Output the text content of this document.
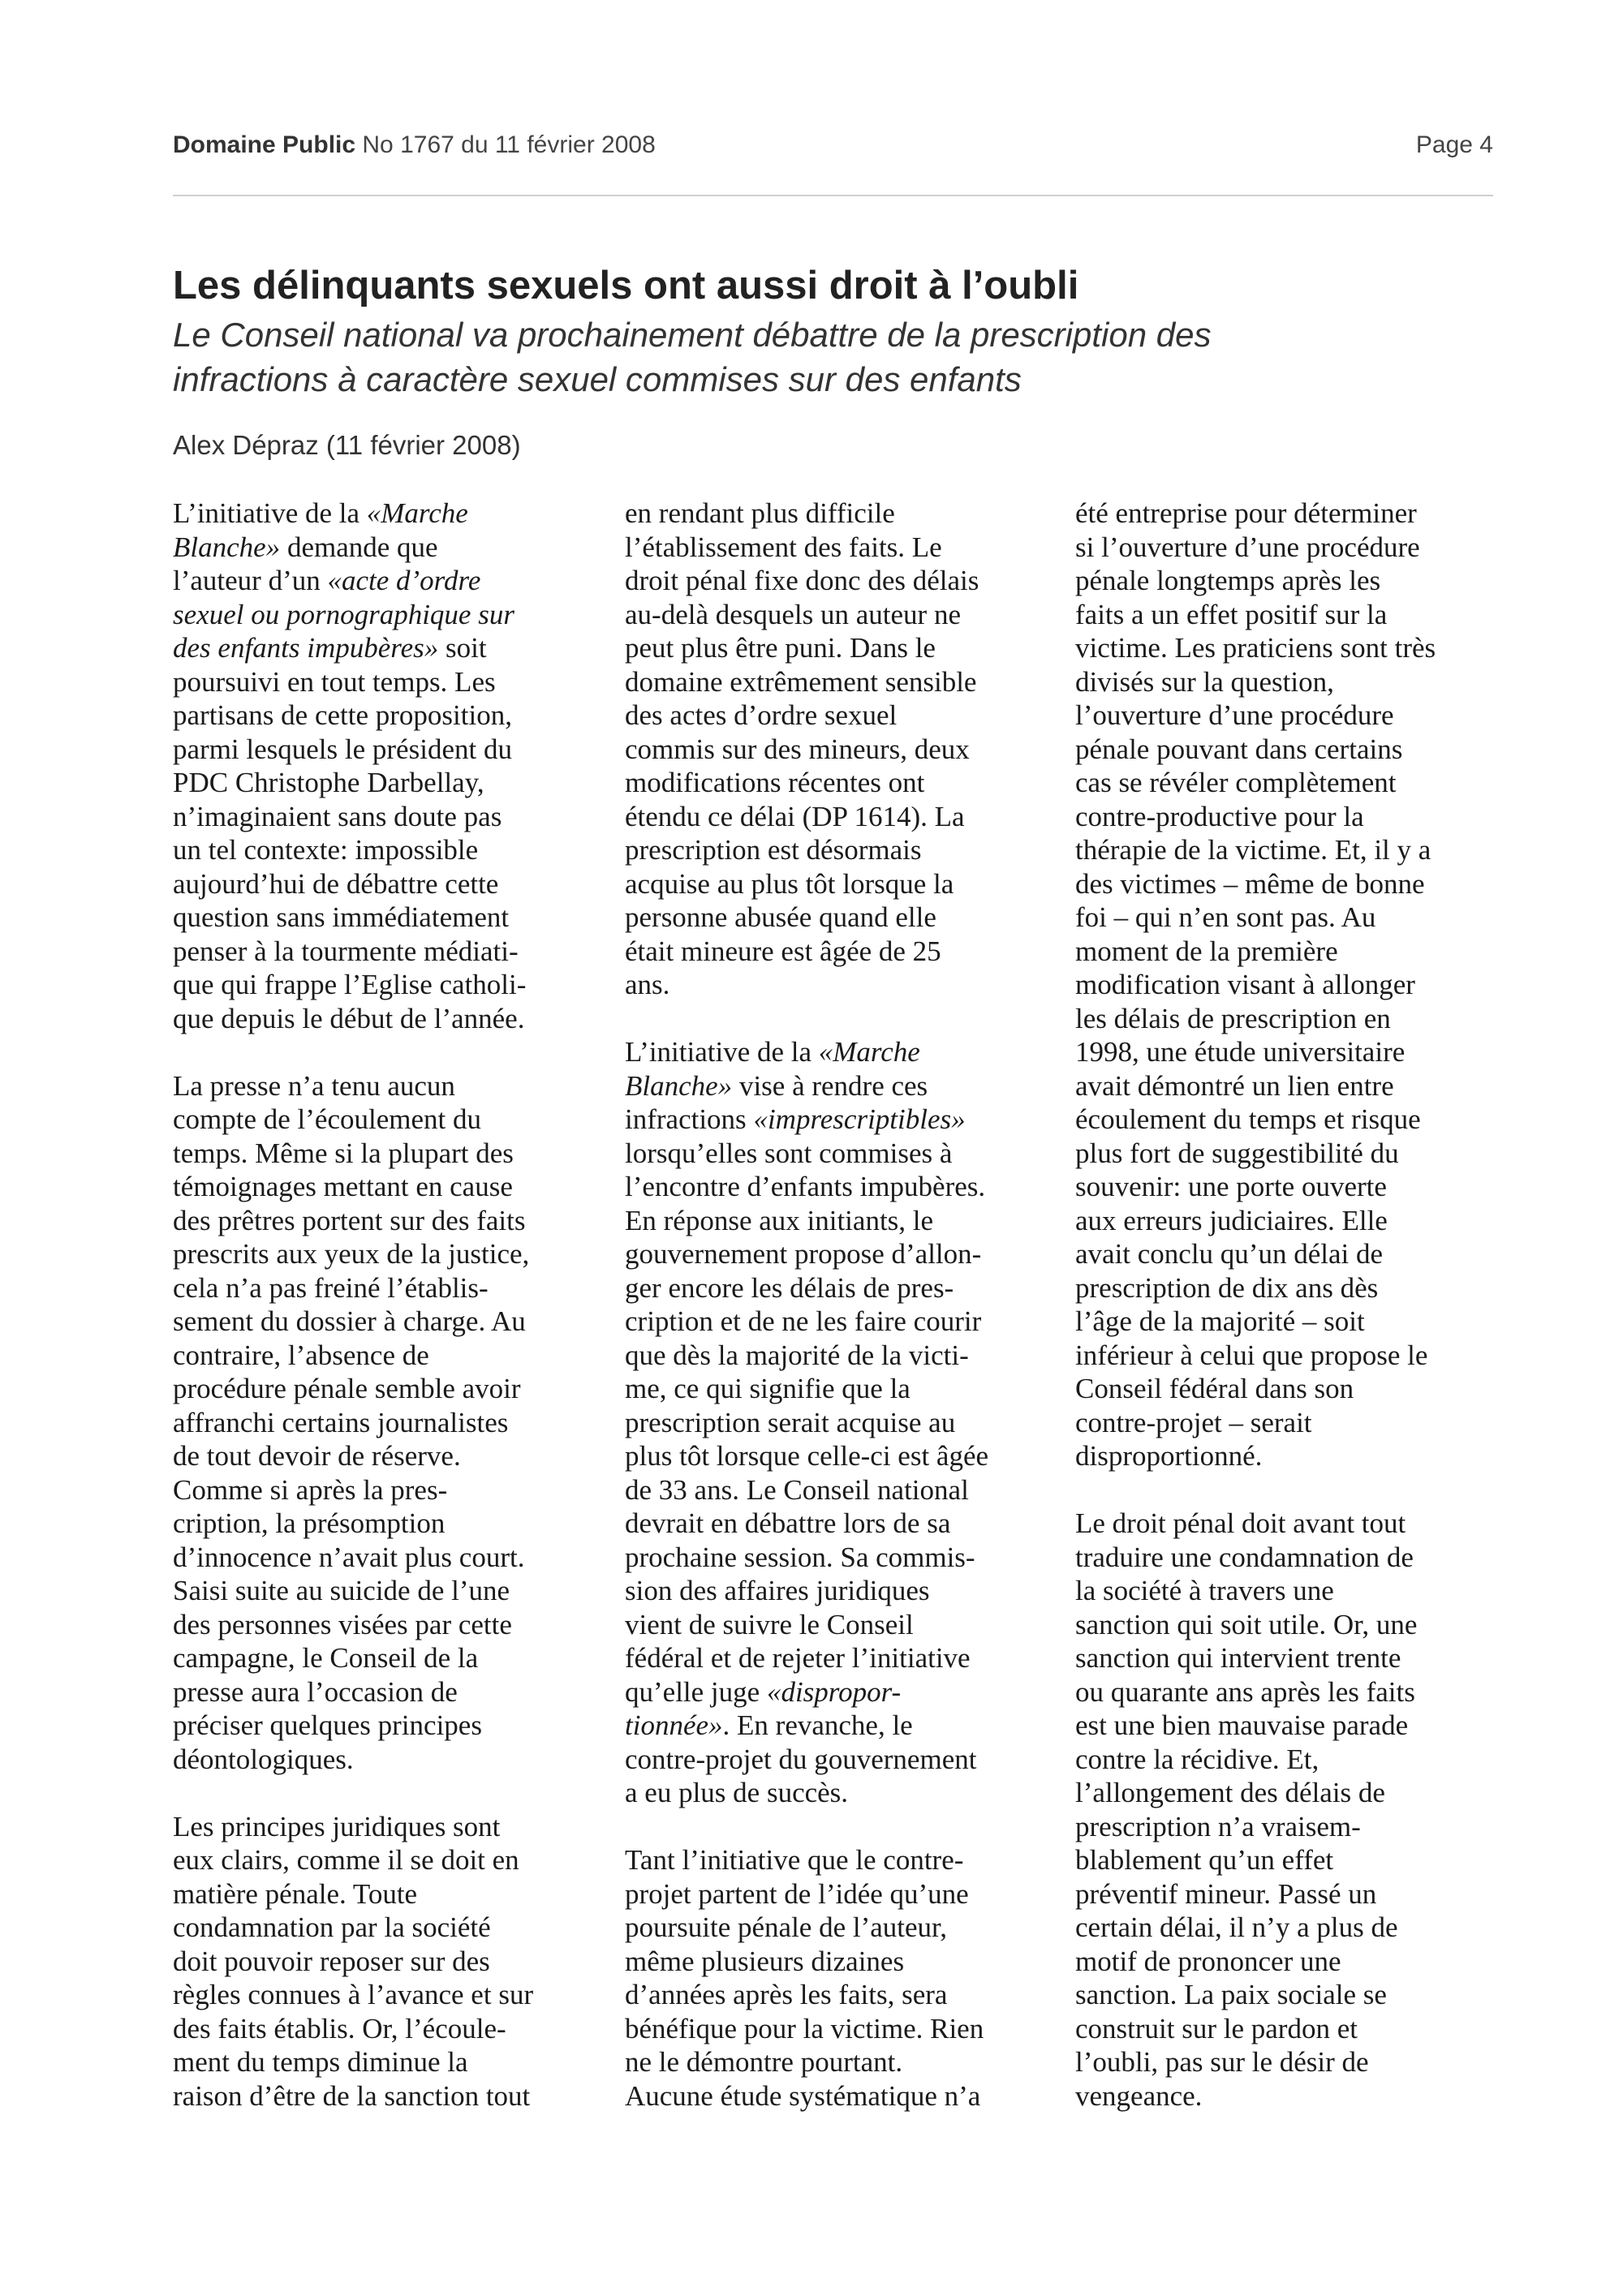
Domaine Public No 1767 du 11 février 2008	Page 4
Les délinquants sexuels ont aussi droit à l’oubli
Le Conseil national va prochainement débattre de la prescription des
infractions à caractère sexuel commises sur des enfants
Alex Dépraz (11 février 2008)

L’initiative de la «Marche
Blanche» demande que
l’auteur d’un «acte d’ordre
sexuel ou pornographique sur
des enfants impubères» soit
poursuivi en tout temps. Les
partisans de cette proposition,
parmi lesquels le président du
PDC Christophe Darbellay,
n’imaginaient sans doute pas
un tel contexte: impossible
aujourd’hui de débattre cette
question sans immédiatement
penser à la tourmente médiati-
que qui frappe l’Eglise catholi-
que depuis le début de l’année.

La presse n’a tenu aucun
compte de l’écoulement du
temps. Même si la plupart des
témoignages mettant en cause
des prêtres portent sur des faits
prescrits aux yeux de la justice,
cela n’a pas freiné l’établis-
sement du dossier à charge. Au
contraire, l’absence de
procédure pénale semble avoir
affranchi certains journalistes
de tout devoir de réserve.
Comme si après la pres-
cription, la présomption
d’innocence n’avait plus court.
Saisi suite au suicide de l’une
des personnes visées par cette
campagne, le Conseil de la
presse aura l’occasion de
préciser quelques principes
déontologiques.

Les principes juridiques sont
eux clairs, comme il se doit en
matière pénale. Toute
condamnation par la société
doit pouvoir reposer sur des
règles connues à l’avance et sur
des faits établis. Or, l’écoule-
ment du temps diminue la
raison d’être de la sanction tout

en rendant plus difficile
l’établissement des faits. Le
droit pénal fixe donc des délais
au-delà desquels un auteur ne
peut plus être puni. Dans le
domaine extrêmement sensible
des actes d’ordre sexuel
commis sur des mineurs, deux
modifications récentes ont
étendu ce délai (DP 1614). La
prescription est désormais
acquise au plus tôt lorsque la
personne abusée quand elle
était mineure est âgée de 25
ans.

L’initiative de la «Marche
Blanche» vise à rendre ces
infractions «imprescriptibles»
lorsqu’elles sont commises à
l’encontre d’enfants impubères.
En réponse aux initiants, le
gouvernement propose d’allon-
ger encore les délais de pres-
cription et de ne les faire courir
que dès la majorité de la victi-
me, ce qui signifie que la
prescription serait acquise au
plus tôt lorsque celle-ci est âgée
de 33 ans. Le Conseil national
devrait en débattre lors de sa
prochaine session. Sa commis-
sion des affaires juridiques
vient de suivre le Conseil
fédéral et de rejeter l’initiative
qu’elle juge «dispropor-
tionnée». En revanche, le
contre-projet du gouvernement
a eu plus de succès.

Tant l’initiative que le contre-
projet partent de l’idée qu’une
poursuite pénale de l’auteur,
même plusieurs dizaines
d’années après les faits, sera
bénéfique pour la victime. Rien
ne le démontre pourtant.
Aucune étude systématique n’a

été entreprise pour déterminer
si l’ouverture d’une procédure
pénale longtemps après les
faits a un effet positif sur la
victime. Les praticiens sont très
divisés sur la question,
l’ouverture d’une procédure
pénale pouvant dans certains
cas se révéler complètement
contre-productive pour la
thérapie de la victime. Et, il y a
des victimes – même de bonne
foi – qui n’en sont pas. Au
moment de la première
modification visant à allonger
les délais de prescription en
1998, une étude universitaire
avait démontré un lien entre
écoulement du temps et risque
plus fort de suggestibilité du
souvenir: une porte ouverte
aux erreurs judiciaires. Elle
avait conclu qu’un délai de
prescription de dix ans dès
l’âge de la majorité – soit
inférieur à celui que propose le
Conseil fédéral dans son
contre-projet – serait
disproportionné.

Le droit pénal doit avant tout
traduire une condamnation de
la société à travers une
sanction qui soit utile. Or, une
sanction qui intervient trente
ou quarante ans après les faits
est une bien mauvaise parade
contre la récidive. Et,
l’allongement des délais de
prescription n’a vraisem-
blablement qu’un effet
préventif mineur. Passé un
certain délai, il n’y a plus de
motif de prononcer une
sanction. La paix sociale se
construit sur le pardon et
l’oubli, pas sur le désir de
vengeance.
